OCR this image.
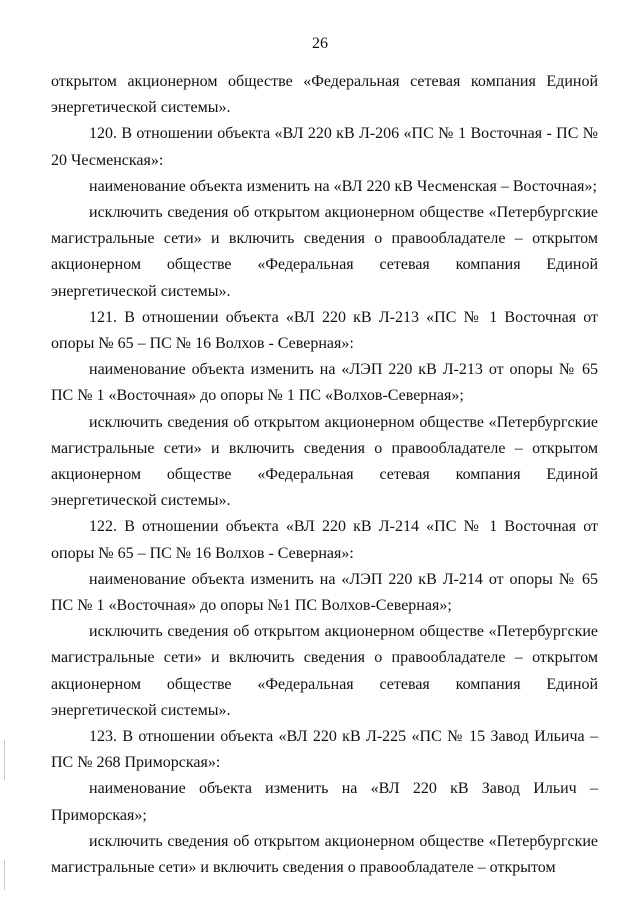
26

открытом акционерном обществе «Федеральная сетевая компания Единой энергетической системы».

120. В отношении объекта «ВЛ 220 кВ Л-206 «ПС № 1 Восточная - ПС № 20 Чесменская»:

наименование объекта изменить на «ВЛ 220 кВ Чесменская – Восточная»;

исключить сведения об открытом акционерном обществе «Петербургские магистральные сети» и включить сведения о правообладателе – открытом акционерном обществе «Федеральная сетевая компания Единой энергетической системы».

121. В отношении объекта «ВЛ 220 кВ Л-213 «ПС № 1 Восточная от опоры № 65 – ПС № 16 Волхов - Северная»:

наименование объекта изменить на «ЛЭП 220 кВ Л-213 от опоры № 65 ПС № 1 «Восточная» до опоры № 1 ПС «Волхов-Северная»;

исключить сведения об открытом акционерном обществе «Петербургские магистральные сети» и включить сведения о правообладателе – открытом акционерном обществе «Федеральная сетевая компания Единой энергетической системы».

122. В отношении объекта «ВЛ 220 кВ Л-214 «ПС № 1 Восточная от опоры № 65 – ПС № 16 Волхов - Северная»:

наименование объекта изменить на «ЛЭП 220 кВ Л-214 от опоры № 65 ПС № 1 «Восточная» до опоры №1 ПС Волхов-Северная»;

исключить сведения об открытом акционерном обществе «Петербургские магистральные сети» и включить сведения о правообладателе – открытом акционерном обществе «Федеральная сетевая компания Единой энергетической системы».

123. В отношении объекта «ВЛ 220 кВ Л-225 «ПС № 15 Завод Ильича – ПС № 268 Приморская»:

наименование объекта изменить на «ВЛ 220 кВ Завод Ильич – Приморская»;

исключить сведения об открытом акционерном обществе «Петербургские магистральные сети» и включить сведения о правообладателе – открытом
